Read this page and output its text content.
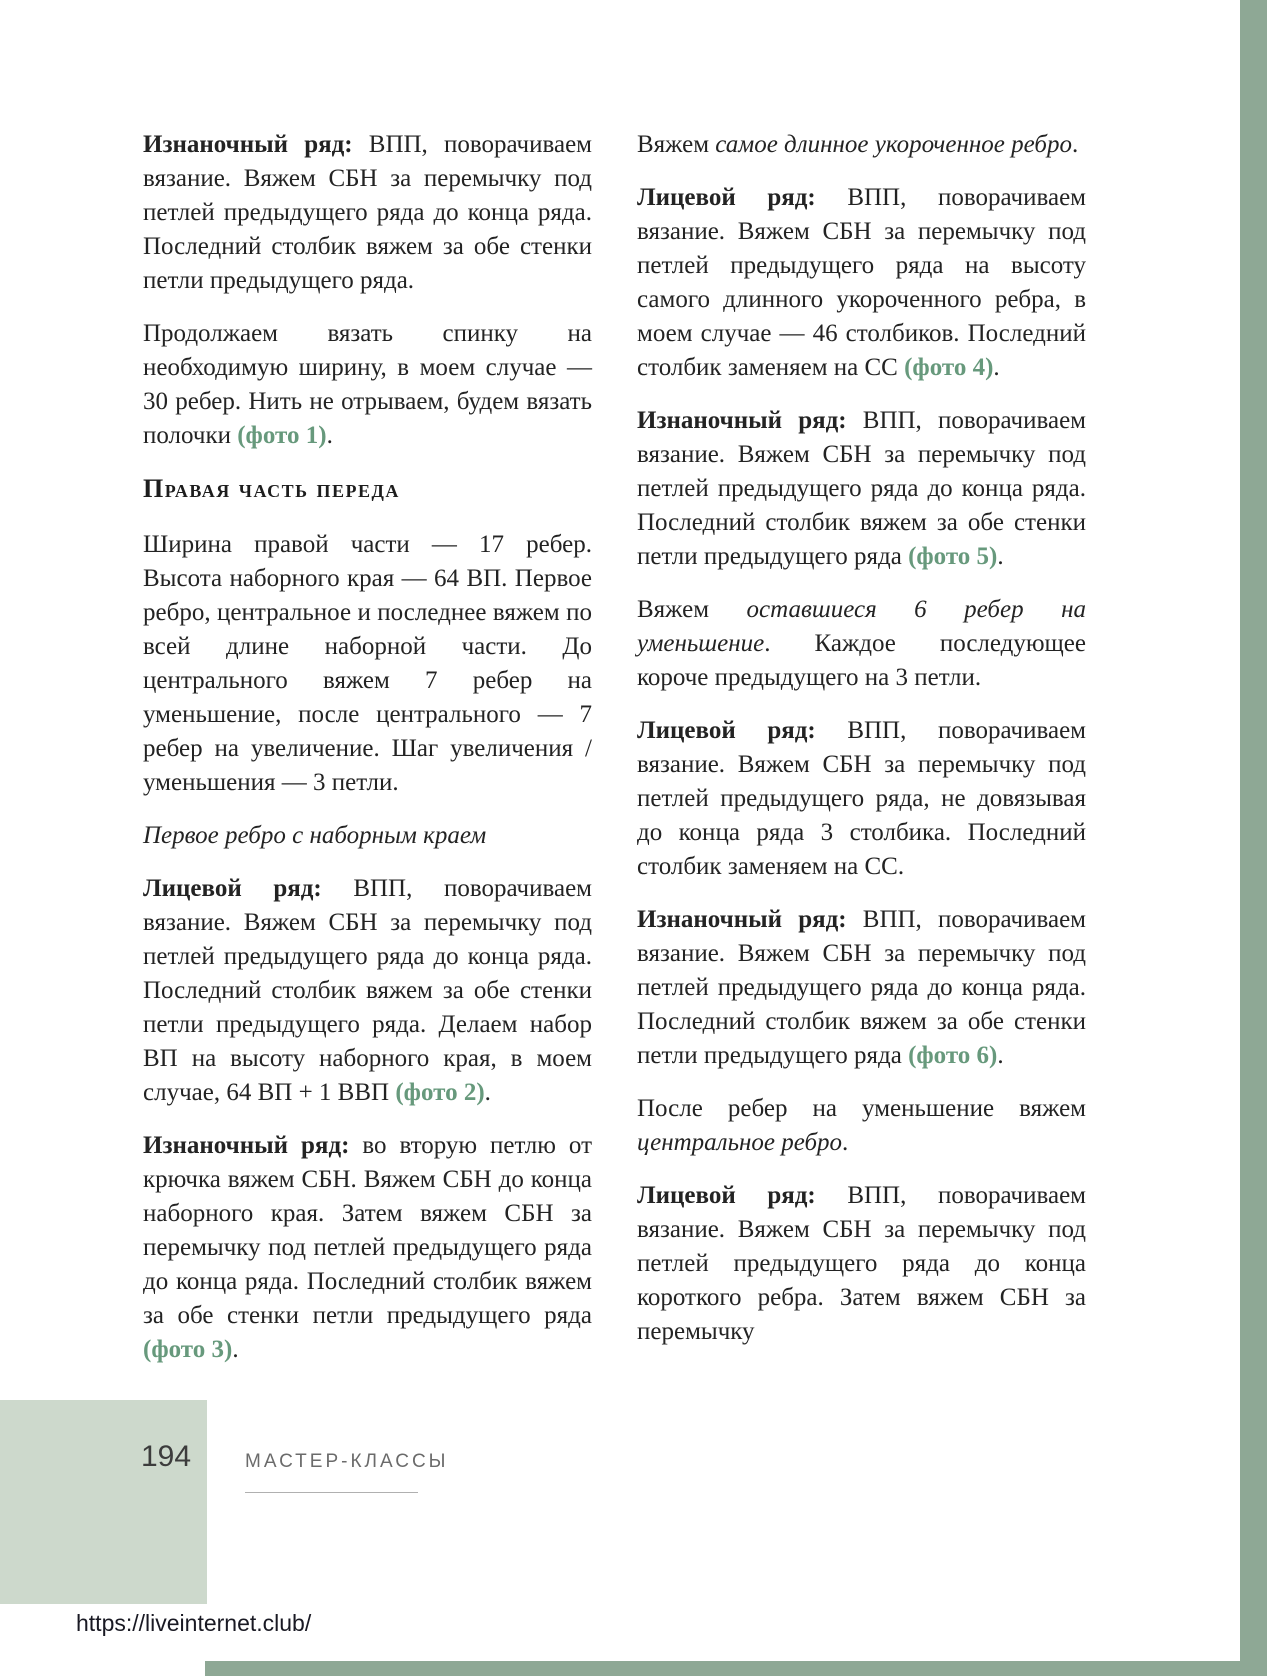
Изнаночный ряд: ВПП, поворачиваем вязание. Вяжем СБН за перемычку под петлей предыдущего ряда до конца ряда. Последний столбик вяжем за обе стенки петли предыдущего ряда.

Продолжаем вязать спинку на необходимую ширину, в моем случае — 30 ребер. Нить не отрываем, будем вязать полочки (фото 1).

Правая часть переда

Ширина правой части — 17 ребер. Высота наборного края — 64 ВП. Первое ребро, центральное и последнее вяжем по всей длине наборной части. До центрального вяжем 7 ребер на уменьшение, после центрального — 7 ребер на увеличение. Шаг увеличения / уменьшения — 3 петли.

Первое ребро с наборным краем

Лицевой ряд: ВПП, поворачиваем вязание. Вяжем СБН за перемычку под петлей предыдущего ряда до конца ряда. Последний столбик вяжем за обе стенки петли предыдущего ряда. Делаем набор ВП на высоту наборного края, в моем случае, 64 ВП + 1 ВВП (фото 2).

Изнаночный ряд: во вторую петлю от крючка вяжем СБН. Вяжем СБН до конца наборного края. Затем вяжем СБН за перемычку под петлей предыдущего ряда до конца ряда. Последний столбик вяжем за обе стенки петли предыдущего ряда (фото 3).

Вяжем самое длинное укороченное ребро.

Лицевой ряд: ВПП, поворачиваем вязание. Вяжем СБН за перемычку под петлей предыдущего ряда на высоту самого длинного укороченного ребра, в моем случае — 46 столбиков. Последний столбик заменяем на СС (фото 4).

Изнаночный ряд: ВПП, поворачиваем вязание. Вяжем СБН за перемычку под петлей предыдущего ряда до конца ряда. Последний столбик вяжем за обе стенки петли предыдущего ряда (фото 5).

Вяжем оставшиеся 6 ребер на уменьшение. Каждое последующее короче предыдущего на 3 петли.

Лицевой ряд: ВПП, поворачиваем вязание. Вяжем СБН за перемычку под петлей предыдущего ряда, не довязывая до конца ряда 3 столбика. Последний столбик заменяем на СС.

Изнаночный ряд: ВПП, поворачиваем вязание. Вяжем СБН за перемычку под петлей предыдущего ряда до конца ряда. Последний столбик вяжем за обе стенки петли предыдущего ряда (фото 6).

После ребер на уменьшение вяжем центральное ребро.

Лицевой ряд: ВПП, поворачиваем вязание. Вяжем СБН за перемычку под петлей предыдущего ряда до конца короткого ребра. Затем вяжем СБН за перемычку

194	МАСТЕР-КЛАССЫ
https://liveinternet.club/
